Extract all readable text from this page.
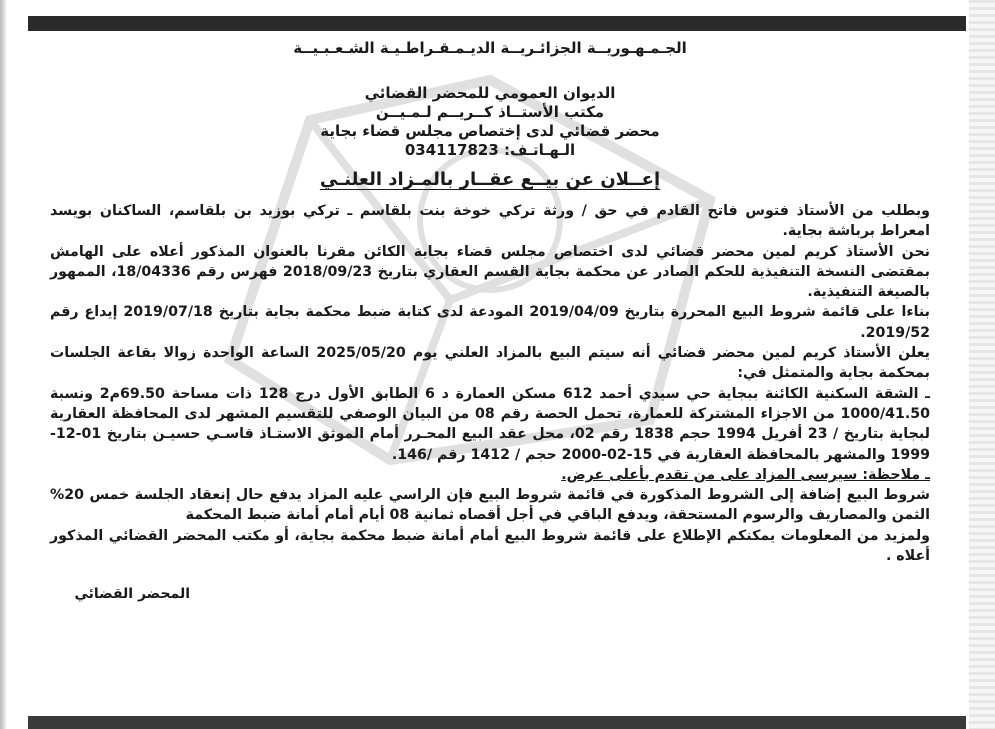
الجـمـهـوريــة الجزائـريــة الديـمـقـراطـيـة الشـعـبـيــة

الديوان العمومي للمحضر القضائي

مكتب الأستــاذ كــريــم لـمـيــن

محضر قضائي لدى إختصاص مجلس قضاء بجاية

الـهـاتـف: 034117823

إعــلان عن بيــع عقــار بالمـزاد العلنـي

وبطلب من الأستاذ فتوس فاتح القادم في حق / ورثة تركي خوخة بنت بلقاسم ـ تركي بوزيد بن بلقاسم، الساكنان بويسد امعراط برباشة بجاية.

نحن الأستاذ كريم لمين محضر قضائي لدى اختصاص مجلس قضاء بجاية الكائن مقرنا بالعنوان المذكور أعلاه على الهامش بمقتضى النسخة التنفيذية للحكم الصادر عن محكمة بجاية القسم العقاري بتاريخ 2018/09/23 فهرس رقم 18/04336، الممهور بالصيغة التنفيذية.

بناءا على قائمة شروط البيع المحررة بتاريخ 2019/04/09 المودعة لدى كتابة ضبط محكمة بجاية بتاريخ 2019/07/18 إيداع رقم 2019/52.

يعلن الأستاذ كريم لمين محضر قضائي أنه سيتم البيع بالمزاد العلني يوم 2025/05/20 الساعة الواحدة زوالا بقاعة الجلسات بمحكمة بجاية والمتمثل في:

ـ الشقة السكنية الكائنة ببجاية حي سيدي أحمد 612 مسكن العمارة د 6 الطابق الأول درج 128 ذات مساحة 69.50م2 ونسبة 1000/41.50 من الاجزاء المشتركة للعمارة، تحمل الحصة رقم 08 من البيان الوصفي للتقسيم المشهر لدى المحافظة العقارية لبجاية بتاريخ / 23 أفريل 1994 حجم 1838 رقم 02، محل عقد البيع المحـرر أمام الموثق الاستـاذ قاسـي حسيـن بتاريخ 01-12-1999 والمشهر بالمحافظة العقارية في 15-02-2000 حجم / 1412 رقم /146.

ـ ملاحظة: سيرسى المزاد على من تقدم بأعلى عرض.

شروط البيع إضافة إلى الشروط المذكورة في قائمة شروط البيع فإن الراسي عليه المزاد يدفع حال إنعقاد الجلسة خمس 20% الثمن والمصاريف والرسوم المستحقة، ويدفع الباقي في أجل أقصاه ثمانية 08 أيام أمام أمانة ضبط المحكمة

ولمزيد من المعلومات يمكنكم الإطلاع على قائمة شروط البيع أمام أمانة ضبط محكمة بجاية، أو مكتب المحضر القضائي المذكور أعلاه .

المحضر القضائي
